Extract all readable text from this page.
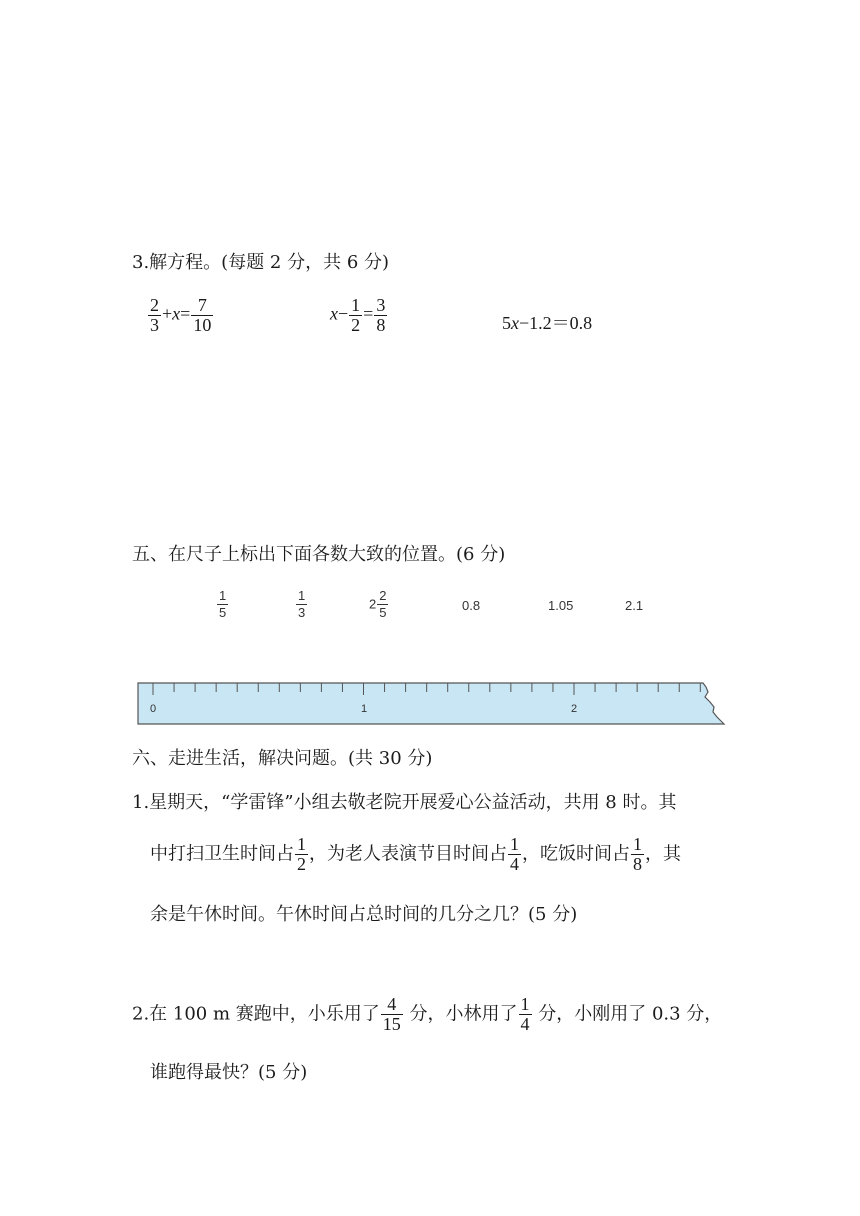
3.解方程。(每题 2 分，共 6 分)
$\frac{2}{3} +x= \frac{7}{10}$	$x- \frac{1}{2} = \frac{3}{8}$	5x−1.2＝0.8
五、在尺子上标出下面各数大致的位置。(6 分)
$\frac{1}{5}$	$\frac{1}{3}$	$2 \frac{2}{5}$	0.8	1.05	2.1
0	1	2
六、走进生活，解决问题。(共 30 分)
1.星期天，“学雷锋”小组去敬老院开展爱心公益活动，共用 8 时。其
中打扫卫生时间占 $\frac{1}{2}$ ，为老人表演节目时间占 $\frac{1}{4}$ ，吃饭时间占 $\frac{1}{8}$ ，其
余是午休时间。午休时间占总时间的几分之几？(5 分)
2.在 100 m 赛跑中，小乐用了 $\frac{4}{15}$ 分，小林用了 $\frac{1}{4}$ 分，小刚用了 0.3 分，
谁跑得最快？(5 分)
